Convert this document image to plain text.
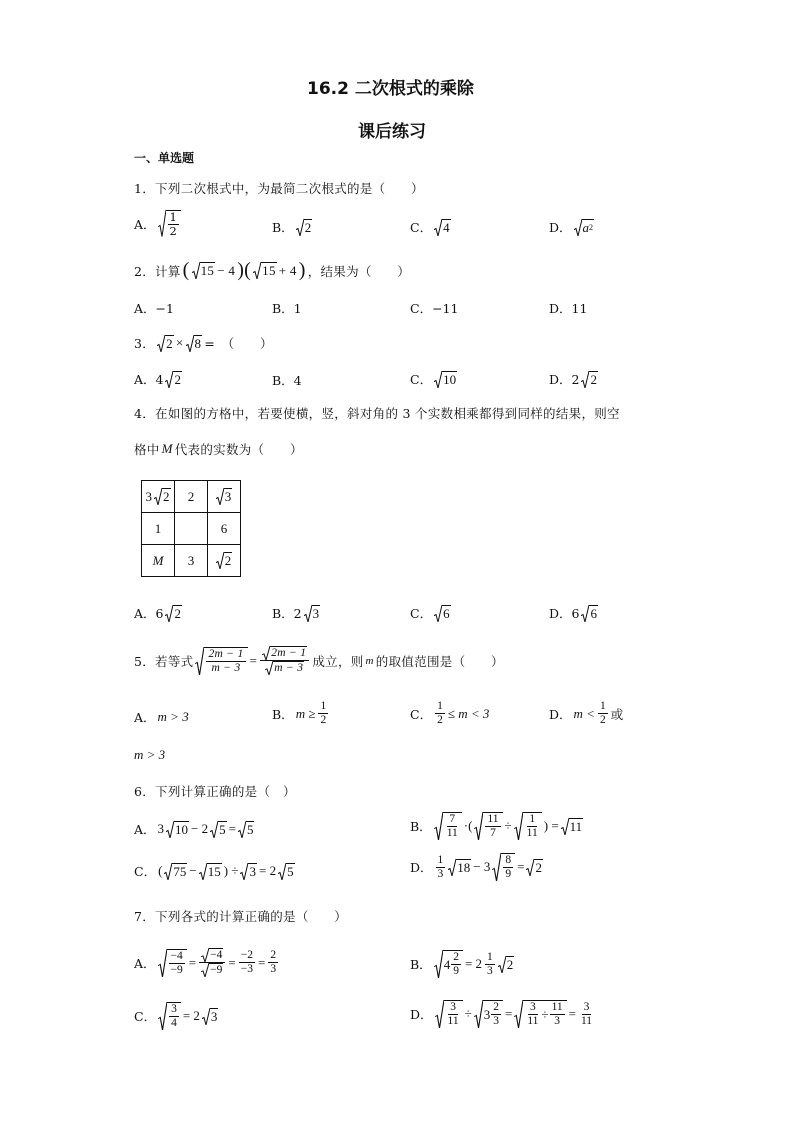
16.2 二次根式的乘除
课后练习
一、单选题
1．下列二次根式中，为最简二次根式的是（　　）
A． 1
2	B． 2	C． 4	D． a 2
2．计算 ( 15 − 4 )( 15 + 4 ) ，结果为（　　）
A．−1	B．1	C．−11	D．11
3． 2 × 8 =　（　　）
A．4 2	B．4	C． 10	D．2 2
4．在如图的方格中，若要使横，竖，斜对角的 3 个实数相乘都得到同样的结果，则空
格中 M 代表的实数为（　　）
3 2	2	3

1		6
M	3	2
A．6 2	B．2 3	C． 6	D．6 6
5．若等式 2m − 1
$m - 3 = \frac{2m - 1}{m - 3}$ 成立，则 m 的取值范围是（　　）
A． m > 3	B． $m \ge \frac{1}{2}$	C． $\frac{1}{2} \le m < 3$	D． m < 1
2 或
m > 3
6．下列计算正确的是（　）
A． 3 10 − 2 5 = 5	B． 7
11 ·( 11
7 ÷ 1
11 ) = 11
C． ( 75 − 15 ) ÷ 3 = 2 5	D．
1
3 18 − 3 8
9 = 2
7．下列各式的计算正确的是（　　）
A． −4
$-9 = \frac{-4}{-9} = \frac{-2}{-3} = \frac{2}{3}$	B． 4 2
9 = 2 1
3 2
C． 3
4 = 2 3	D． 3
11 ÷ 3 2
$3 = \frac{3}{11} \div \frac{11}{3} = \frac{3}{11}$
